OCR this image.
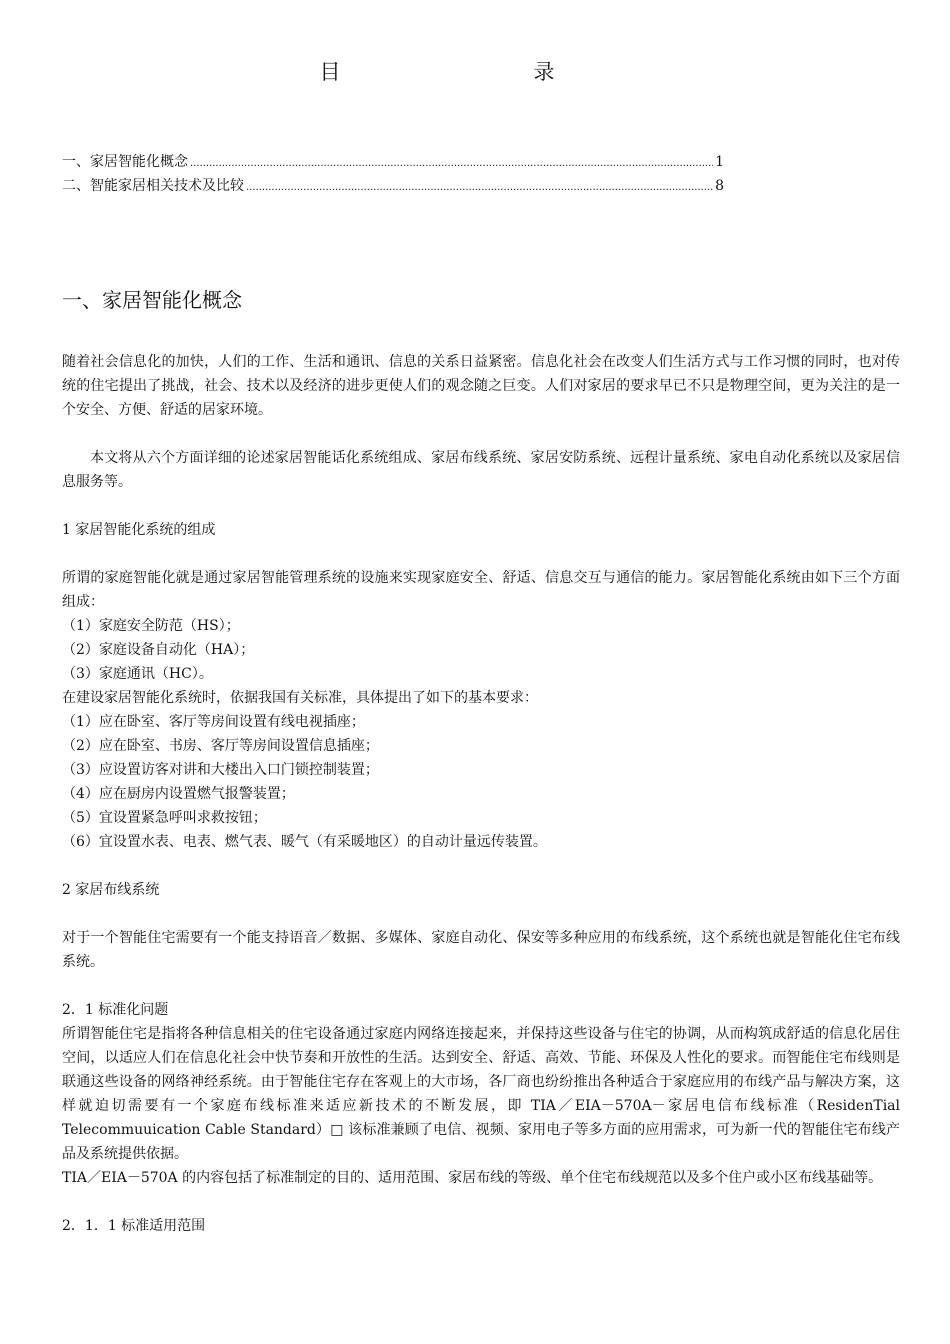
目　录
一、家居智能化概念 .....	1
二、智能家居相关技术及比较 .....	8
一、家居智能化概念

随着社会信息化的加快，人们的工作、生活和通讯、信息的关系日益紧密。信息化社会在改变人们生活方式与工作习惯的同时，也对传统的住宅提出了挑战，社会、技术以及经济的进步更使人们的观念随之巨变。人们对家居的要求早已不只是物理空间，更为关注的是一个安全、方便、舒适的居家环境。

本文将从六个方面详细的论述家居智能话化系统组成、家居布线系统、家居安防系统、远程计量系统、家电自动化系统以及家居信息服务等。

1 家居智能化系统的组成

所谓的家庭智能化就是通过家居智能管理系统的设施来实现家庭安全、舒适、信息交互与通信的能力。家居智能化系统由如下三个方面组成：

（1）家庭安全防范（HS）；
（2）家庭设备自动化（HA）；
（3）家庭通讯（HC）。

在建设家居智能化系统时，依据我国有关标准，具体提出了如下的基本要求：

（1）应在卧室、客厅等房间设置有线电视插座；
（2）应在卧室、书房、客厅等房间设置信息插座；
（3）应设置访客对讲和大楼出入口门锁控制装置；
（4）应在厨房内设置燃气报警装置；
（5）宜设置紧急呼叫求救按钮；
（6）宜设置水表、电表、燃气表、暖气（有采暖地区）的自动计量远传装置。

2 家居布线系统

对于一个智能住宅需要有一个能支持语音／数据、多媒体、家庭自动化、保安等多种应用的布线系统，这个系统也就是智能化住宅布线系统。

2．1 标准化问题

所谓智能住宅是指将各种信息相关的住宅设备通过家庭内网络连接起来，并保持这些设备与住宅的协调，从而构筑成舒适的信息化居住空间，以适应人们在信息化社会中快节奏和开放性的生活。达到安全、舒适、高效、节能、环保及人性化的要求。而智能住宅布线则是联通这些设备的网络神经系统。由于智能住宅存在客观上的大市场，各厂商也纷纷推出各种适合于家庭应用的布线产品与解决方案，这样就迫切需要有一个家庭布线标准来适应新技术的不断发展，即 TIA／EIA－570A－家居电信布线标准（ResidenTial Telecommuuication Cable Standard）□ 该标准兼顾了电信、视频、家用电子等多方面的应用需求，可为新一代的智能住宅布线产品及系统提供依据。

TIA／EIA－570A 的内容包括了标准制定的目的、适用范围、家居布线的等级、单个住宅布线规范以及多个住户或小区布线基础等。

2．1．1 标准适用范围
